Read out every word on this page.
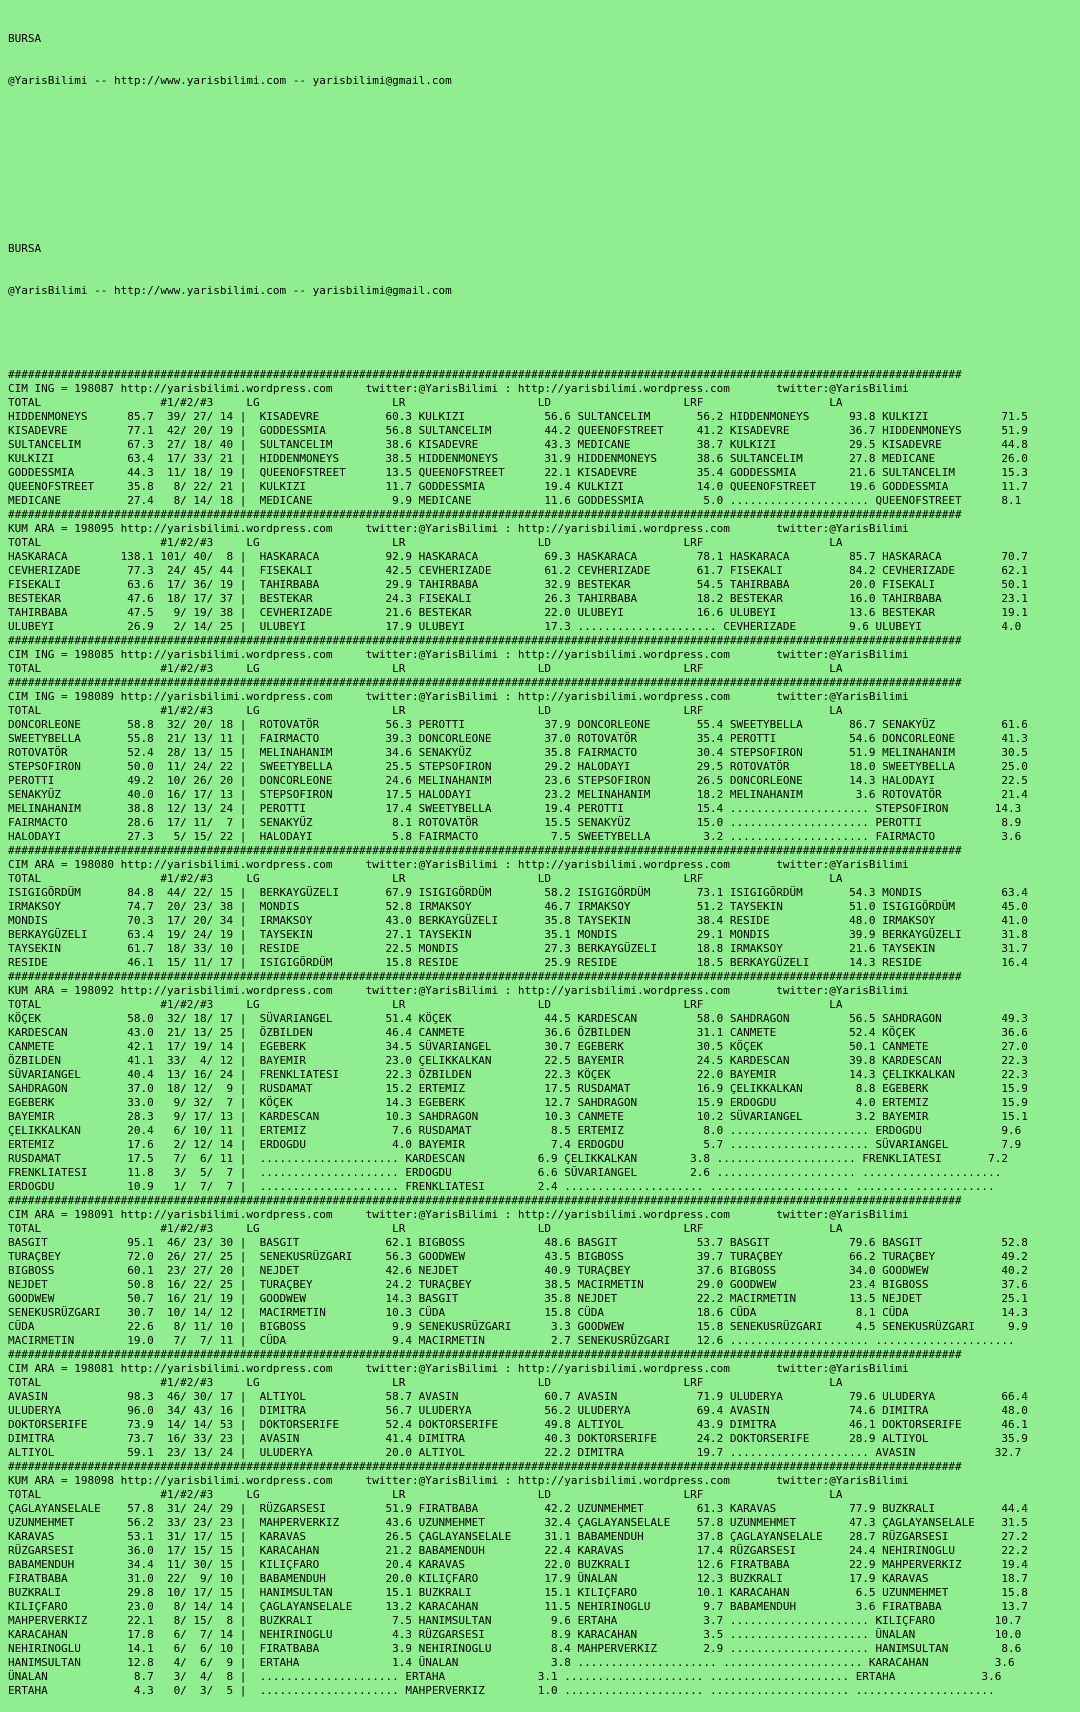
BURSA

@YarisBilimi -- http://www.yarisbilimi.com -- yarisbilimi@gmail.com

BURSA

@YarisBilimi -- http://www.yarisbilimi.com -- yarisbilimi@gmail.com

################################################################################################################################################
CIM ING = 198087 http://yarisbilimi.wordpress.com     twitter:@YarisBilimi : http://yarisbilimi.wordpress.com       twitter:@YarisBilimi
TOTAL                  #1/#2/#3     LG                    LR                    LD                    LRF                   LA
HIDDENMONEYS      85.7  39/ 27/ 14 |  KISADEVRE          60.3 KULKIZI            56.6 SULTANCELIM       56.2 HIDDENMONEYS      93.8 KULKIZI           71.5
KISADEVRE         77.1  42/ 20/ 19 |  GODDESSMIA         56.8 SULTANCELIM        44.2 QUEENOFSTREET     41.2 KISADEVRE         36.7 HIDDENMONEYS      51.9
SULTANCELIM       67.3  27/ 18/ 40 |  SULTANCELIM        38.6 KISADEVRE          43.3 MEDICANE          38.7 KULKIZI           29.5 KISADEVRE         44.8
KULKIZI           63.4  17/ 33/ 21 |  HIDDENMONEYS       38.5 HIDDENMONEYS       31.9 HIDDENMONEYS      38.6 SULTANCELIM       27.8 MEDICANE          26.0
GODDESSMIA        44.3  11/ 18/ 19 |  QUEENOFSTREET      13.5 QUEENOFSTREET      22.1 KISADEVRE         35.4 GODDESSMIA        21.6 SULTANCELIM       15.3
QUEENOFSTREET     35.8   8/ 22/ 21 |  KULKIZI            11.7 GODDESSMIA         19.4 KULKIZI           14.0 QUEENOFSTREET     19.6 GODDESSMIA        11.7
MEDICANE          27.4   8/ 14/ 18 |  MEDICANE            9.9 MEDICANE           11.6 GODDESSMIA         5.0 ..................... QUEENOFSTREET      8.1
################################################################################################################################################
KUM ARA = 198095 http://yarisbilimi.wordpress.com     twitter:@YarisBilimi : http://yarisbilimi.wordpress.com       twitter:@YarisBilimi
TOTAL                  #1/#2/#3     LG                    LR                    LD                    LRF                   LA
HASKARACA        138.1 101/ 40/  8 |  HASKARACA          92.9 HASKARACA          69.3 HASKARACA         78.1 HASKARACA         85.7 HASKARACA         70.7
CEVHERIZADE       77.3  24/ 45/ 44 |  FISEKALI           42.5 CEVHERIZADE        61.2 CEVHERIZADE       61.7 FISEKALI          84.2 CEVHERIZADE       62.1
FISEKALI          63.6  17/ 36/ 19 |  TAHIRBABA          29.9 TAHIRBABA          32.9 BESTEKAR          54.5 TAHIRBABA         20.0 FISEKALI          50.1
BESTEKAR          47.6  18/ 17/ 37 |  BESTEKAR           24.3 FISEKALI           26.3 TAHIRBABA         18.2 BESTEKAR          16.0 TAHIRBABA         23.1
TAHIRBABA         47.5   9/ 19/ 38 |  CEVHERIZADE        21.6 BESTEKAR           22.0 ULUBEYI           16.6 ULUBEYI           13.6 BESTEKAR          19.1
ULUBEYI           26.9   2/ 14/ 25 |  ULUBEYI            17.9 ULUBEYI            17.3 ..................... CEVHERIZADE        9.6 ULUBEYI            4.0
################################################################################################################################################
CIM ING = 198085 http://yarisbilimi.wordpress.com     twitter:@YarisBilimi : http://yarisbilimi.wordpress.com       twitter:@YarisBilimi
TOTAL                  #1/#2/#3     LG                    LR                    LD                    LRF                   LA
################################################################################################################################################
CIM ING = 198089 http://yarisbilimi.wordpress.com     twitter:@YarisBilimi : http://yarisbilimi.wordpress.com       twitter:@YarisBilimi
TOTAL                  #1/#2/#3     LG                    LR                    LD                    LRF                   LA
DONCORLEONE       58.8  32/ 20/ 18 |  ROTOVATÖR          56.3 PEROTTI            37.9 DONCORLEONE       55.4 SWEETYBELLA       86.7 SENAKYÜZ          61.6
SWEETYBELLA       55.8  21/ 13/ 11 |  FAIRMACTO          39.3 DONCORLEONE        37.0 ROTOVATÖR         35.4 PEROTTI           54.6 DONCORLEONE       41.3
ROTOVATÖR         52.4  28/ 13/ 15 |  MELINAHANIM        34.6 SENAKYÜZ           35.8 FAIRMACTO         30.4 STEPSOFIRON       51.9 MELINAHANIM       30.5
STEPSOFIRON       50.0  11/ 24/ 22 |  SWEETYBELLA        25.5 STEPSOFIRON        29.2 HALODAYI          29.5 ROTOVATÖR         18.0 SWEETYBELLA       25.0
PEROTTI           49.2  10/ 26/ 20 |  DONCORLEONE        24.6 MELINAHANIM        23.6 STEPSOFIRON       26.5 DONCORLEONE       14.3 HALODAYI          22.5
SENAKYÜZ          40.0  16/ 17/ 13 |  STEPSOFIRON        17.5 HALODAYI           23.2 MELINAHANIM       18.2 MELINAHANIM        3.6 ROTOVATÖR         21.4
MELINAHANIM       38.8  12/ 13/ 24 |  PEROTTI            17.4 SWEETYBELLA        19.4 PEROTTI           15.4 ..................... STEPSOFIRON       14.3
FAIRMACTO         28.6  17/ 11/  7 |  SENAKYÜZ            8.1 ROTOVATÖR          15.5 SENAKYÜZ          15.0 ..................... PEROTTI            8.9
HALODAYI          27.3   5/ 15/ 22 |  HALODAYI            5.8 FAIRMACTO           7.5 SWEETYBELLA        3.2 ..................... FAIRMACTO          3.6
################################################################################################################################################
CIM ARA = 198080 http://yarisbilimi.wordpress.com     twitter:@YarisBilimi : http://yarisbilimi.wordpress.com       twitter:@YarisBilimi
TOTAL                  #1/#2/#3     LG                    LR                    LD                    LRF                   LA
ISIGIGÖRDÜM       84.8  44/ 22/ 15 |  BERKAYGÜZELI       67.9 ISIGIGÖRDÜM        58.2 ISIGIGÖRDÜM       73.1 ISIGIGÖRDÜM       54.3 MONDIS            63.4
IRMAKSOY          74.7  20/ 23/ 38 |  MONDIS             52.8 IRMAKSOY           46.7 IRMAKSOY          51.2 TAYSEKIN          51.0 ISIGIGÖRDÜM       45.0
MONDIS            70.3  17/ 20/ 34 |  IRMAKSOY           43.0 BERKAYGÜZELI       35.8 TAYSEKIN          38.4 RESIDE            48.0 IRMAKSOY          41.0
BERKAYGÜZELI      63.4  19/ 24/ 19 |  TAYSEKIN           27.1 TAYSEKIN           35.1 MONDIS            29.1 MONDIS            39.9 BERKAYGÜZELI      31.8
TAYSEKIN          61.7  18/ 33/ 10 |  RESIDE             22.5 MONDIS             27.3 BERKAYGÜZELI      18.8 IRMAKSOY          21.6 TAYSEKIN          31.7
RESIDE            46.1  15/ 11/ 17 |  ISIGIGÖRDÜM        15.8 RESIDE             25.9 RESIDE            18.5 BERKAYGÜZELI      14.3 RESIDE            16.4
################################################################################################################################################
KUM ARA = 198092 http://yarisbilimi.wordpress.com     twitter:@YarisBilimi : http://yarisbilimi.wordpress.com       twitter:@YarisBilimi
TOTAL                  #1/#2/#3     LG                    LR                    LD                    LRF                   LA
KÖÇEK             58.0  32/ 18/ 17 |  SÜVARIANGEL        51.4 KÖÇEK              44.5 KARDESCAN         58.0 SAHDRAGON         56.5 SAHDRAGON         49.3
KARDESCAN         43.0  21/ 13/ 25 |  ÖZBILDEN           46.4 CANMETE            36.6 ÖZBILDEN          31.1 CANMETE           52.4 KÖÇEK             36.6
CANMETE           42.1  17/ 19/ 14 |  EGEBERK            34.5 SÜVARIANGEL        30.7 EGEBERK           30.5 KÖÇEK             50.1 CANMETE           27.0
ÖZBILDEN          41.1  33/  4/ 12 |  BAYEMIR            23.0 ÇELIKKALKAN        22.5 BAYEMIR           24.5 KARDESCAN         39.8 KARDESCAN         22.3
SÜVARIANGEL       40.4  13/ 16/ 24 |  FRENKLIATESI       22.3 ÖZBILDEN           22.3 KÖÇEK             22.0 BAYEMIR           14.3 ÇELIKKALKAN       22.3
SAHDRAGON         37.0  18/ 12/  9 |  RUSDAMAT           15.2 ERTEMIZ            17.5 RUSDAMAT          16.9 ÇELIKKALKAN        8.8 EGEBERK           15.9
EGEBERK           33.0   9/ 32/  7 |  KÖÇEK              14.3 EGEBERK            12.7 SAHDRAGON         15.9 ERDOGDU            4.0 ERTEMIZ           15.9
BAYEMIR           28.3   9/ 17/ 13 |  KARDESCAN          10.3 SAHDRAGON          10.3 CANMETE           10.2 SÜVARIANGEL        3.2 BAYEMIR           15.1
ÇELIKKALKAN       20.4   6/ 10/ 11 |  ERTEMIZ             7.6 RUSDAMAT            8.5 ERTEMIZ            8.0 ..................... ERDOGDU            9.6
ERTEMIZ           17.6   2/ 12/ 14 |  ERDOGDU             4.0 BAYEMIR             7.4 ERDOGDU            5.7 ..................... SÜVARIANGEL        7.9
RUSDAMAT          17.5   7/  6/ 11 |  ..................... KARDESCAN           6.9 ÇELIKKALKAN        3.8 ..................... FRENKLIATESI       7.2
FRENKLIATESI      11.8   3/  5/  7 |  ..................... ERDOGDU             6.6 SÜVARIANGEL        2.6 ..................... .....................
ERDOGDU           10.9   1/  7/  7 |  ..................... FRENKLIATESI        2.4 ..................... ..................... .....................
################################################################################################################################################
CIM ARA = 198091 http://yarisbilimi.wordpress.com     twitter:@YarisBilimi : http://yarisbilimi.wordpress.com       twitter:@YarisBilimi
TOTAL                  #1/#2/#3     LG                    LR                    LD                    LRF                   LA
BASGIT            95.1  46/ 23/ 30 |  BASGIT             62.1 BIGBOSS            48.6 BASGIT            53.7 BASGIT            79.6 BASGIT            52.8
TURAÇBEY          72.0  26/ 27/ 25 |  SENEKUSRÜZGARI     56.3 GOODWEW            43.5 BIGBOSS           39.7 TURAÇBEY          66.2 TURAÇBEY          49.2
BIGBOSS           60.1  23/ 27/ 20 |  NEJDET             42.6 NEJDET             40.9 TURAÇBEY          37.6 BIGBOSS           34.0 GOODWEW           40.2
NEJDET            50.8  16/ 22/ 25 |  TURAÇBEY           24.2 TURAÇBEY           38.5 MACIRMETIN        29.0 GOODWEW           23.4 BIGBOSS           37.6
GOODWEW           50.7  16/ 21/ 19 |  GOODWEW            14.3 BASGIT             35.8 NEJDET            22.2 MACIRMETIN        13.5 NEJDET            25.1
SENEKUSRÜZGARI    30.7  10/ 14/ 12 |  MACIRMETIN         10.3 CÜDA               15.8 CÜDA              18.6 CÜDA               8.1 CÜDA              14.3
CÜDA              22.6   8/ 11/ 10 |  BIGBOSS             9.9 SENEKUSRÜZGARI      3.3 GOODWEW           15.8 SENEKUSRÜZGARI     4.5 SENEKUSRÜZGARI     9.9
MACIRMETIN        19.0   7/  7/ 11 |  CÜDA                9.4 MACIRMETIN          2.7 SENEKUSRÜZGARI    12.6 ..................... .....................
################################################################################################################################################
CIM ARA = 198081 http://yarisbilimi.wordpress.com     twitter:@YarisBilimi : http://yarisbilimi.wordpress.com       twitter:@YarisBilimi
TOTAL                  #1/#2/#3     LG                    LR                    LD                    LRF                   LA
AVASIN            98.3  46/ 30/ 17 |  ALTIYOL            58.7 AVASIN             60.7 AVASIN            71.9 ULUDERYA          79.6 ULUDERYA          66.4
ULUDERYA          96.0  34/ 43/ 16 |  DIMITRA            56.7 ULUDERYA           56.2 ULUDERYA          69.4 AVASIN            74.6 DIMITRA           48.0
DOKTORSERIFE      73.9  14/ 14/ 53 |  DOKTORSERIFE       52.4 DOKTORSERIFE       49.8 ALTIYOL           43.9 DIMITRA           46.1 DOKTORSERIFE      46.1
DIMITRA           73.7  16/ 33/ 23 |  AVASIN             41.4 DIMITRA            40.3 DOKTORSERIFE      24.2 DOKTORSERIFE      28.9 ALTIYOL           35.9
ALTIYOL           59.1  23/ 13/ 24 |  ULUDERYA           20.0 ALTIYOL            22.2 DIMITRA           19.7 ..................... AVASIN            32.7
################################################################################################################################################
KUM ARA = 198098 http://yarisbilimi.wordpress.com     twitter:@YarisBilimi : http://yarisbilimi.wordpress.com       twitter:@YarisBilimi
TOTAL                  #1/#2/#3     LG                    LR                    LD                    LRF                   LA
ÇAGLAYANSELALE    57.8  31/ 24/ 29 |  RÜZGARSESI         51.9 FIRATBABA          42.2 UZUNMEHMET        61.3 KARAVAS           77.9 BUZKRALI          44.4
UZUNMEHMET        56.2  33/ 23/ 23 |  MAHPERVERKIZ       43.6 UZUNMEHMET         32.4 ÇAGLAYANSELALE    57.8 UZUNMEHMET        47.3 ÇAGLAYANSELALE    31.5
KARAVAS           53.1  31/ 17/ 15 |  KARAVAS            26.5 ÇAGLAYANSELALE     31.1 BABAMENDUH        37.8 ÇAGLAYANSELALE    28.7 RÜZGARSESI        27.2
RÜZGARSESI        36.0  17/ 15/ 15 |  KARACAHAN          21.2 BABAMENDUH         22.4 KARAVAS           17.4 RÜZGARSESI        24.4 NEHIRINOGLU       22.2
BABAMENDUH        34.4  11/ 30/ 15 |  KILIÇFARO          20.4 KARAVAS            22.0 BUZKRALI          12.6 FIRATBABA         22.9 MAHPERVERKIZ      19.4
FIRATBABA         31.0  22/  9/ 10 |  BABAMENDUH         20.0 KILIÇFARO          17.9 ÜNALAN            12.3 BUZKRALI          17.9 KARAVAS           18.7
BUZKRALI          29.8  10/ 17/ 15 |  HANIMSULTAN        15.1 BUZKRALI           15.1 KILIÇFARO         10.1 KARACAHAN          6.5 UZUNMEHMET        15.8
KILIÇFARO         23.0   8/ 14/ 14 |  ÇAGLAYANSELALE     13.2 KARACAHAN          11.5 NEHIRINOGLU        9.7 BABAMENDUH         3.6 FIRATBABA         13.7
MAHPERVERKIZ      22.1   8/ 15/  8 |  BUZKRALI            7.5 HANIMSULTAN         9.6 ERTAHA             3.7 ..................... KILIÇFARO         10.7
KARACAHAN         17.8   6/  7/ 14 |  NEHIRINOGLU         4.3 RÜZGARSESI          8.9 KARACAHAN          3.5 ..................... ÜNALAN            10.0
NEHIRINOGLU       14.1   6/  6/ 10 |  FIRATBABA           3.9 NEHIRINOGLU         8.4 MAHPERVERKIZ       2.9 ..................... HANIMSULTAN        8.6
HANIMSULTAN       12.8   4/  6/  9 |  ERTAHA              1.4 ÜNALAN              3.8 ..................... ..................... KARACAHAN          3.6
ÜNALAN             8.7   3/  4/  8 |  ..................... ERTAHA              3.1 ..................... ..................... ERTAHA             3.6
ERTAHA             4.3   0/  3/  5 |  ..................... MAHPERVERKIZ        1.0 ..................... ..................... .....................
